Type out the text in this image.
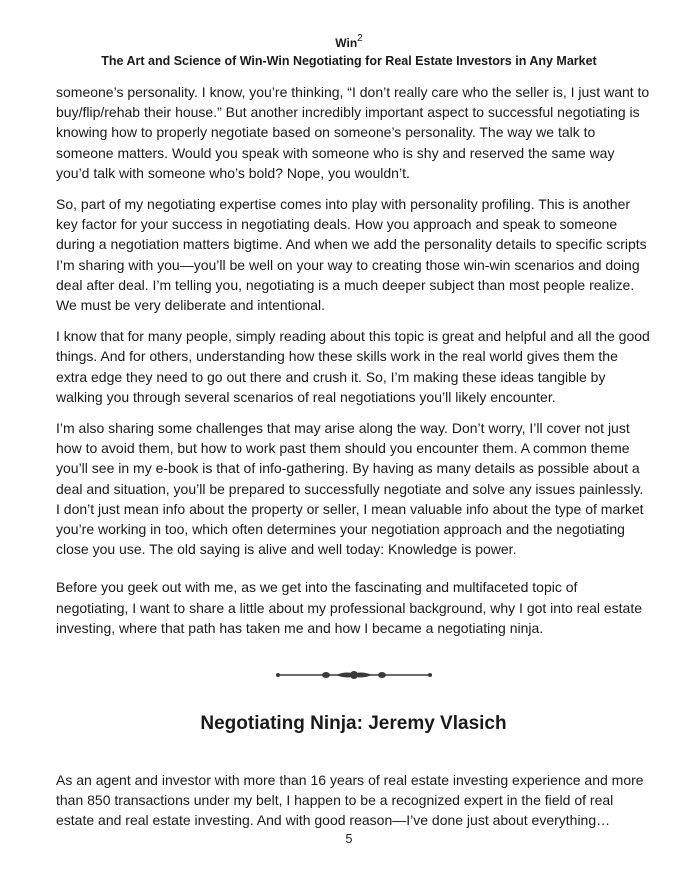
Win$^2$
The Art and Science of Win-Win Negotiating for Real Estate Investors in Any Market

someone’s personality. I know, you’re thinking, “I don’t really care who the seller is, I just want to buy/flip/rehab their house.” But another incredibly important aspect to successful negotiating is knowing how to properly negotiate based on someone’s personality. The way we talk to someone matters. Would you speak with someone who is shy and reserved the same way you’d talk with someone who’s bold? Nope, you wouldn’t.

So, part of my negotiating expertise comes into play with personality profiling. This is another key factor for your success in negotiating deals. How you approach and speak to someone during a negotiation matters bigtime. And when we add the personality details to specific scripts I’m sharing with you—you’ll be well on your way to creating those win-win scenarios and doing deal after deal. I’m telling you, negotiating is a much deeper subject than most people realize. We must be very deliberate and intentional.

I know that for many people, simply reading about this topic is great and helpful and all the good things. And for others, understanding how these skills work in the real world gives them the extra edge they need to go out there and crush it. So, I’m making these ideas tangible by walking you through several scenarios of real negotiations you’ll likely encounter.

I’m also sharing some challenges that may arise along the way. Don’t worry, I’ll cover not just how to avoid them, but how to work past them should you encounter them. A common theme you’ll see in my e-book is that of info-gathering. By having as many details as possible about a deal and situation, you’ll be prepared to successfully negotiate and solve any issues painlessly. I don’t just mean info about the property or seller, I mean valuable info about the type of market you’re working in too, which often determines your negotiation approach and the negotiating close you use. The old saying is alive and well today: Knowledge is power.

Before you geek out with me, as we get into the fascinating and multifaceted topic of negotiating, I want to share a little about my professional background, why I got into real estate investing, where that path has taken me and how I became a negotiating ninja.

Negotiating Ninja: Jeremy Vlasich

As an agent and investor with more than 16 years of real estate investing experience and more than 850 transactions under my belt, I happen to be a recognized expert in the field of real estate and real estate investing. And with good reason—I’ve done just about everything…

5
